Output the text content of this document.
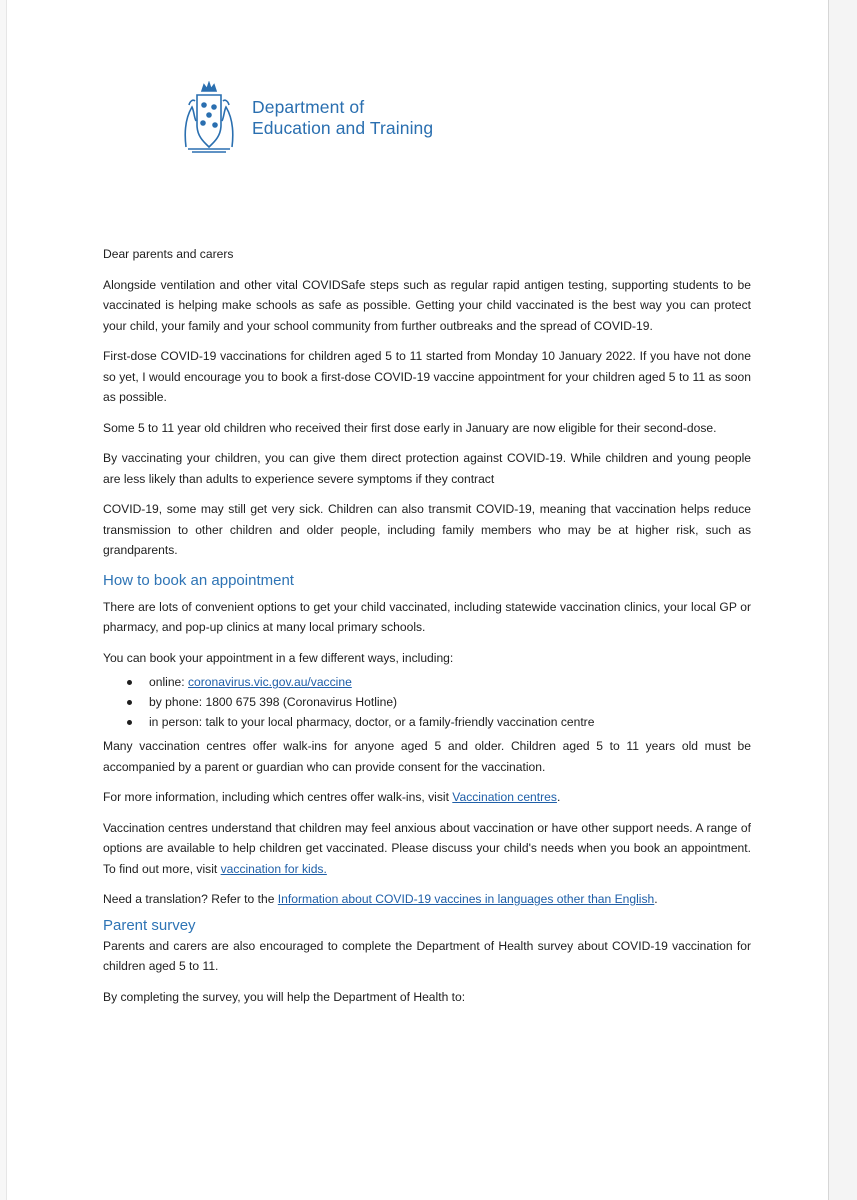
Department of
Education and Training

Dear parents and carers

Alongside ventilation and other vital COVIDSafe steps such as regular rapid antigen testing, supporting students to be vaccinated is helping make schools as safe as possible. Getting your child vaccinated is the best way you can protect your child, your family and your school community from further outbreaks and the spread of COVID-19.

First-dose COVID-19 vaccinations for children aged 5 to 11 started from Monday 10 January 2022. If you have not done so yet, I would encourage you to book a first-dose COVID-19 vaccine appointment for your children aged 5 to 11 as soon as possible.

Some 5 to 11 year old children who received their first dose early in January are now eligible for their second-dose.

By vaccinating your children, you can give them direct protection against COVID-19. While children and young people are less likely than adults to experience severe symptoms if they contract

COVID-19, some may still get very sick. Children can also transmit COVID-19, meaning that vaccination helps reduce transmission to other children and older people, including family members who may be at higher risk, such as grandparents.

How to book an appointment

There are lots of convenient options to get your child vaccinated, including statewide vaccination clinics, your local GP or pharmacy, and pop-up clinics at many local primary schools.

You can book your appointment in a few different ways, including:

online: coronavirus.vic.gov.au/vaccine
by phone: 1800 675 398 (Coronavirus Hotline)
in person: talk to your local pharmacy, doctor, or a family-friendly vaccination centre

Many vaccination centres offer walk-ins for anyone aged 5 and older. Children aged 5 to 11 years old must be accompanied by a parent or guardian who can provide consent for the vaccination.

For more information, including which centres offer walk-ins, visit Vaccination centres.

Vaccination centres understand that children may feel anxious about vaccination or have other support needs. A range of options are available to help children get vaccinated. Please discuss your child's needs when you book an appointment. To find out more, visit vaccination for kids.

Need a translation? Refer to the Information about COVID-19 vaccines in languages other than English.

Parent survey

Parents and carers are also encouraged to complete the Department of Health survey about COVID-19 vaccination for children aged 5 to 11.

By completing the survey, you will help the Department of Health to:
